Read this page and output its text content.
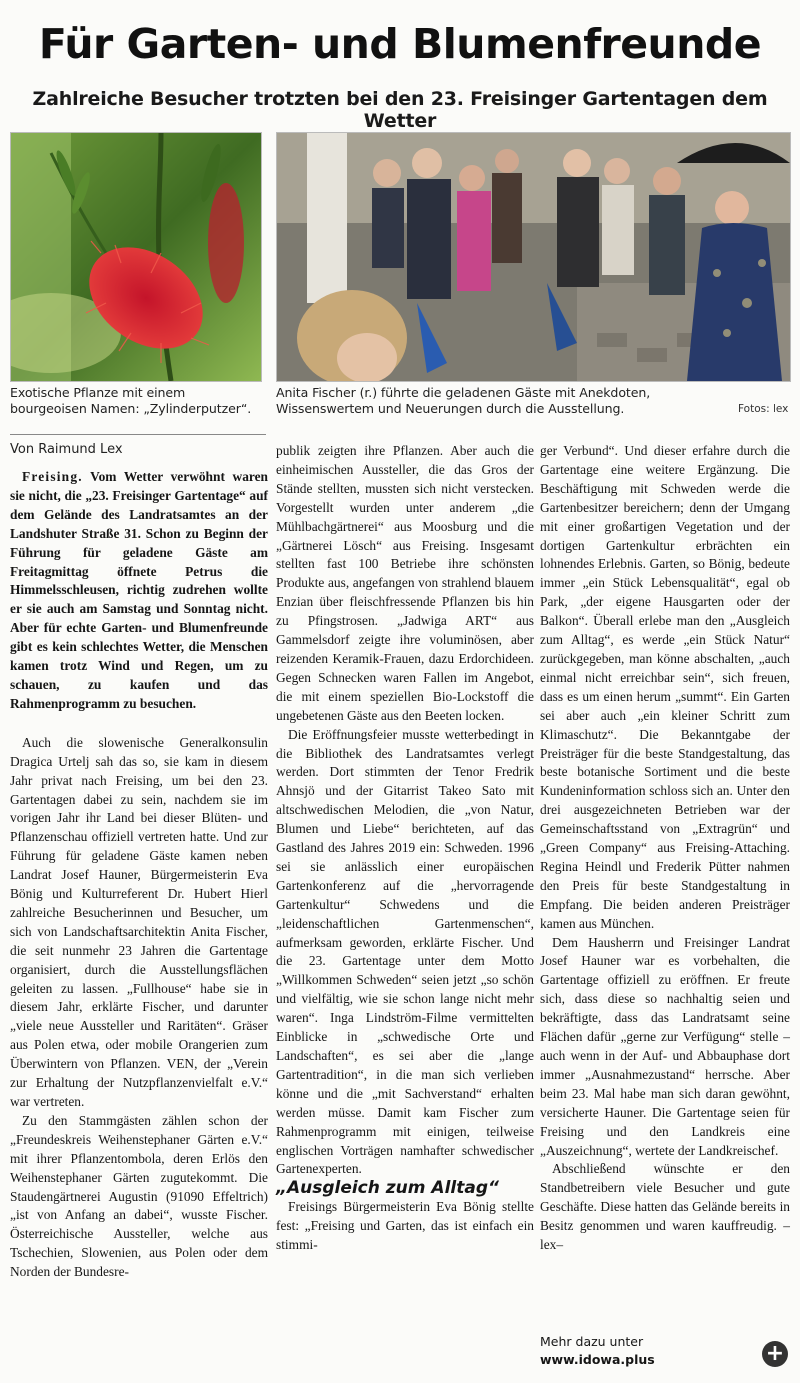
Für Garten- und Blumenfreunde
Zahlreiche Besucher trotzten bei den 23. Freisinger Gartentagen dem Wetter
Exotische Pflanze mit einem bourgeoisen Namen: „Zylinderputzer“.
Anita Fischer (r.) führte die geladenen Gäste mit Anekdoten, Wissenswertem und Neuerungen durch die Ausstellung.	Fotos: lex
Von Raimund Lex

Freising. Vom Wetter verwöhnt waren sie nicht, die „23. Freisinger Gartentage“ auf dem Gelände des Landratsamtes an der Landshuter Straße 31. Schon zu Beginn der Führung für geladene Gäste am Freitagmittag öffnete Petrus die Himmelsschleusen, richtig zudrehen wollte er sie auch am Samstag und Sonntag nicht. Aber für echte Garten- und Blumenfreunde gibt es kein schlechtes Wetter, die Menschen kamen trotz Wind und Regen, um zu schauen, zu kaufen und das Rahmenprogramm zu besuchen.

Auch die slowenische Generalkonsulin Dragica Urtelj sah das so, sie kam in diesem Jahr privat nach Freising, um bei den 23. Gartentagen dabei zu sein, nachdem sie im vorigen Jahr ihr Land bei dieser Blüten- und Pflanzenschau offiziell vertreten hatte. Und zur Führung für geladene Gäste kamen neben Landrat Josef Hauner, Bürgermeisterin Eva Bönig und Kulturreferent Dr. Hubert Hierl zahlreiche Besucherinnen und Besucher, um sich von Landschaftsarchitektin Anita Fischer, die seit nunmehr 23 Jahren die Gartentage organisiert, durch die Ausstellungsflächen geleiten zu lassen. „Fullhouse“ habe sie in diesem Jahr, erklärte Fischer, und darunter „viele neue Aussteller und Raritäten“. Gräser aus Polen etwa, oder mobile Orangerien zum Überwintern von Pflanzen. VEN, der „Verein zur Erhaltung der Nutzpflanzenvielfalt e.V.“ war vertreten.

Zu den Stammgästen zählen schon der „Freundeskreis Weihenstephaner Gärten e.V.“ mit ihrer Pflanzentombola, deren Erlös den Weihenstephaner Gärten zugutekommt. Die Staudengärtnerei Augustin (91090 Effeltrich) „ist von Anfang an dabei“, wusste Fischer. Österreichische Aussteller, welche aus Tschechien, Slowenien, aus Polen oder dem Norden der Bundesre-

publik zeigten ihre Pflanzen. Aber auch die einheimischen Aussteller, die das Gros der Stände stellten, mussten sich nicht verstecken. Vorgestellt wurden unter anderem „die Mühlbachgärtnerei“ aus Moosburg und die „Gärtnerei Lösch“ aus Freising. Insgesamt stellten fast 100 Betriebe ihre schönsten Produkte aus, angefangen von strahlend blauem Enzian über fleischfressende Pflanzen bis hin zu Pfingstrosen. „Jadwiga ART“ aus Gammelsdorf zeigte ihre voluminösen, aber reizenden Keramik-Frauen, dazu Erdorchideen. Gegen Schnecken waren Fallen im Angebot, die mit einem speziellen Bio-Lockstoff die ungebetenen Gäste aus den Beeten locken.

Die Eröffnungsfeier musste wetterbedingt in die Bibliothek des Landratsamtes verlegt werden. Dort stimmten der Tenor Fredrik Ahnsjö und der Gitarrist Takeo Sato mit altschwedischen Melodien, die „von Natur, Blumen und Liebe“ berichteten, auf das Gastland des Jahres 2019 ein: Schweden. 1996 sei sie anlässlich einer europäischen Gartenkonferenz auf die „hervorragende Gartenkultur“ Schwedens und die „leidenschaftlichen Gartenmenschen“, aufmerksam geworden, erklärte Fischer. Und die 23. Gartentage unter dem Motto „Willkommen Schweden“ seien jetzt „so schön und vielfältig, wie sie schon lange nicht mehr waren“. Inga Lindström-Filme vermittelten Einblicke in „schwedische Orte und Landschaften“, es sei aber die „lange Gartentradition“, in die man sich verlieben könne und die „mit Sachverstand“ erhalten werden müsse. Damit kam Fischer zum Rahmenprogramm mit einigen, teilweise englischen Vorträgen namhafter schwedischer Gartenexperten.

„Ausgleich zum Alltag“

Freisings Bürgermeisterin Eva Bönig stellte fest: „Freising und Garten, das ist einfach ein stimmi-

ger Verbund“. Und dieser erfahre durch die Gartentage eine weitere Ergänzung. Die Beschäftigung mit Schweden werde die Gartenbesitzer bereichern; denn der Umgang mit einer großartigen Vegetation und der dortigen Gartenkultur erbrächten ein lohnendes Erlebnis. Garten, so Bönig, bedeute immer „ein Stück Lebensqualität“, egal ob Park, „der eigene Hausgarten oder der Balkon“. Überall erlebe man den „Ausgleich zum Alltag“, es werde „ein Stück Natur“ zurückgegeben, man könne abschalten, „auch einmal nicht erreichbar sein“, sich freuen, dass es um einen herum „summt“. Ein Garten sei aber auch „ein kleiner Schritt zum Klimaschutz“. Die Bekanntgabe der Preisträger für die beste Standgestaltung, das beste botanische Sortiment und die beste Kundeninformation schloss sich an. Unter den drei ausgezeichneten Betrieben war der Gemeinschaftsstand von „Extragrün“ und „Green Company“ aus Freising-Attaching. Regina Heindl und Frederik Pütter nahmen den Preis für beste Standgestaltung in Empfang. Die beiden anderen Preisträger kamen aus München.

Dem Hausherrn und Freisinger Landrat Josef Hauner war es vorbehalten, die Gartentage offiziell zu eröffnen. Er freute sich, dass diese so nachhaltig seien und bekräftigte, dass das Landratsamt seine Flächen dafür „gerne zur Verfügung“ stelle – auch wenn in der Auf- und Abbauphase dort immer „Ausnahmezustand“ herrsche. Aber beim 23. Mal habe man sich daran gewöhnt, versicherte Hauner. Die Gartentage seien für Freising und den Landkreis eine „Auszeichnung“, wertete der Landkreischef.

Abschließend wünschte er den Standbetreibern viele Besucher und gute Geschäfte. Diese hatten das Gelände bereits in Besitz genommen und waren kauffreudig. –lex–

Mehr dazu unter
www.idowa.plus	+
